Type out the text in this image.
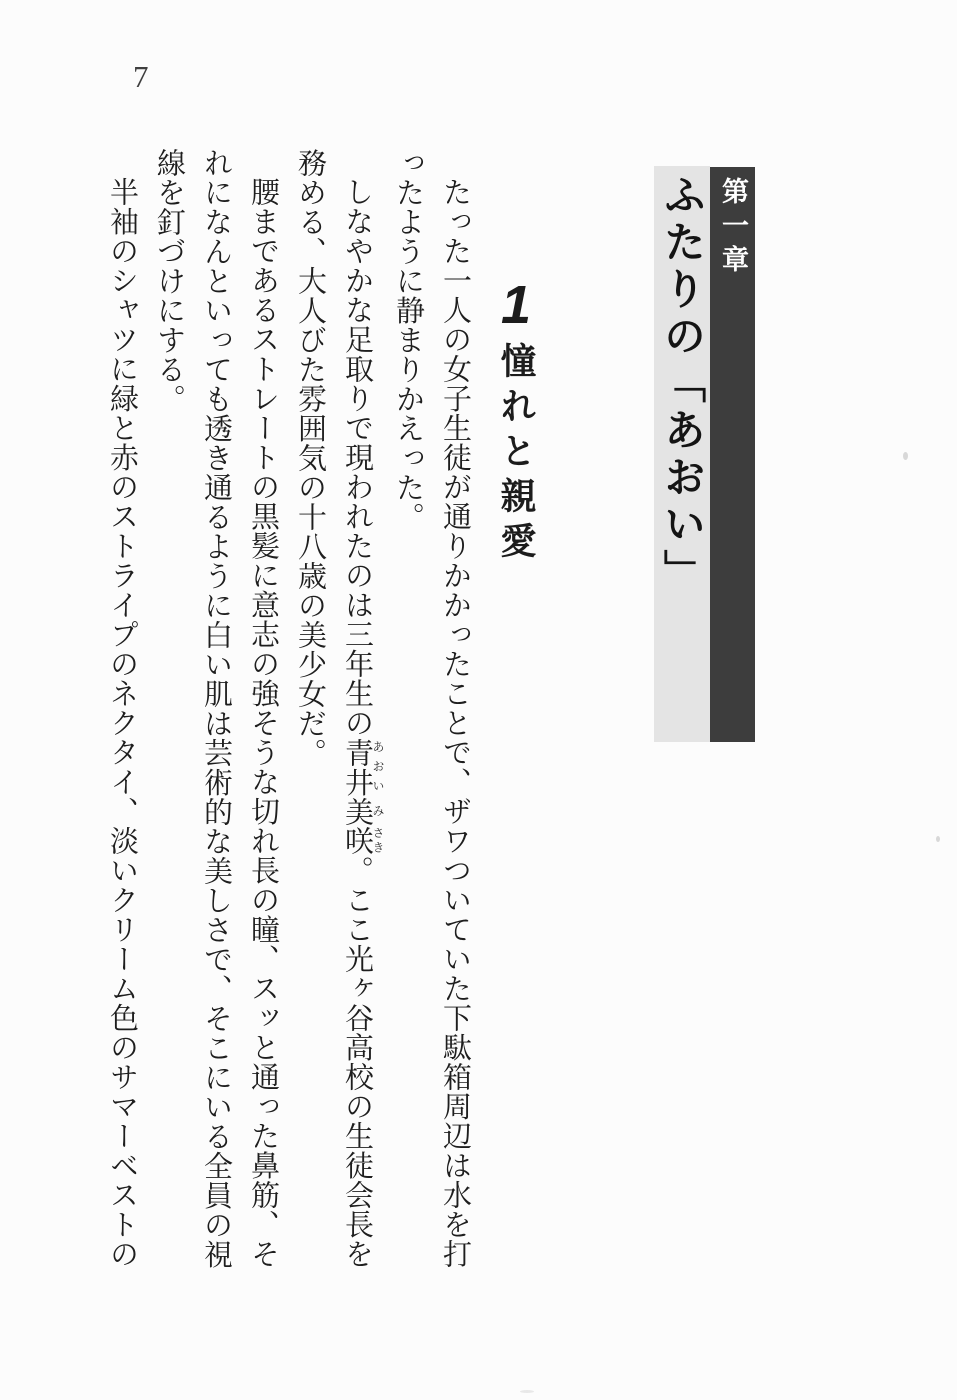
7
ふたりの「あおい」 第一章
1
憧れと親愛

たった一人の女子生徒が通りかかったことで、ザワついていた下駄箱周辺は水を打ったように静まりかえった。

しなやかな足取りで現われたのは三年生の青井あおい美み咲さき。ここ光ヶ谷高校の生徒会長を務める、大人びた雰囲気の十八歳の美少女だ。

腰まであるストレートの黒髪に意志の強そうな切れ長の瞳、スッと通った鼻筋、それになんといっても透き通るように白い肌は芸術的な美しさで、そこにいる全員の視線を釘づけにする。

半袖のシャツに緑と赤のストライプのネクタイ、淡いクリーム色のサマーベストの
